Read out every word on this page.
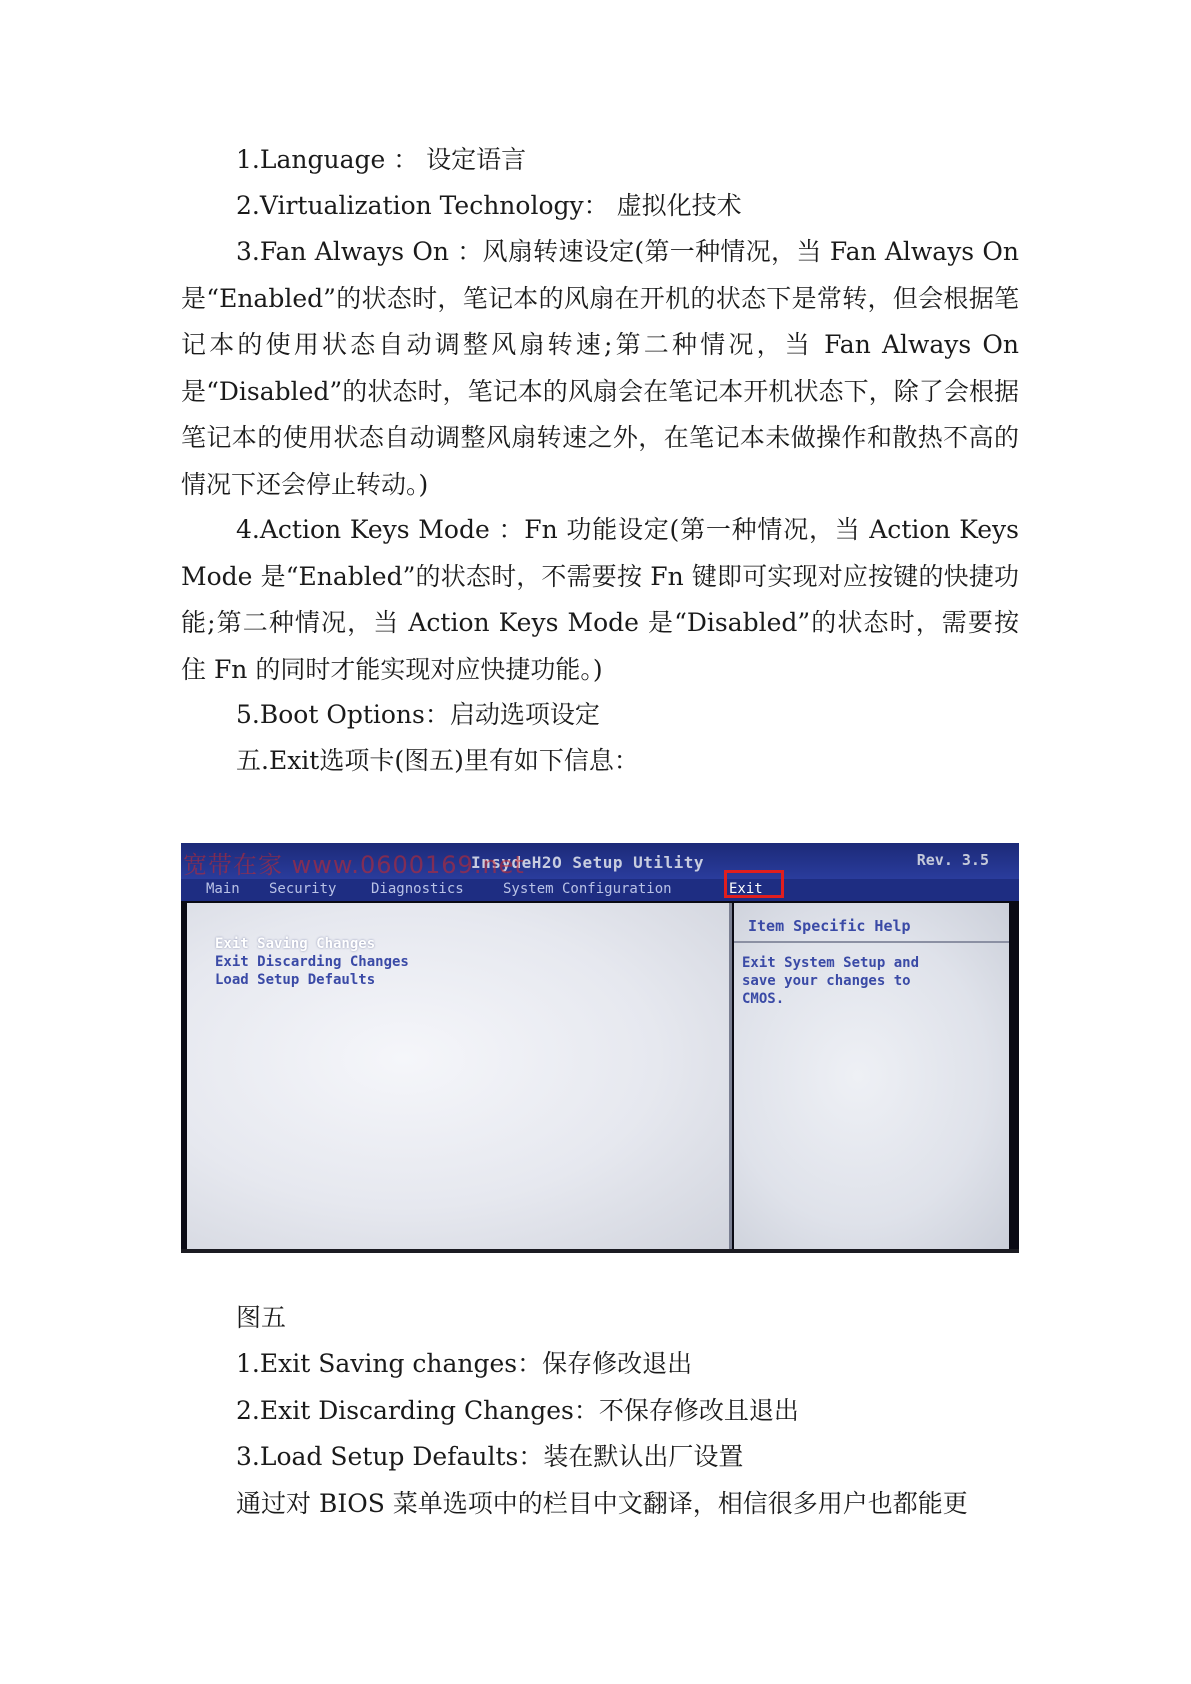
1.Language ： 设定语言

2.Virtualization Technology： 虚拟化技术

3.Fan Always On ：风扇转速设定(第一种情况，当 Fan Always On 是“Enabled”的状态时，笔记本的风扇在开机的状态下是常转，但会根据笔记本的使用状态自动调整风扇转速;第二种情况，当 Fan Always On 是“Disabled”的状态时，笔记本的风扇会在笔记本开机状态下，除了会根据笔记本的使用状态自动调整风扇转速之外，在笔记本未做操作和散热不高的情况下还会停止转动。)

4.Action Keys Mode ：Fn 功能设定(第一种情况，当 Action Keys Mode 是“Enabled”的状态时，不需要按 Fn 键即可实现对应按键的快捷功能;第二种情况，当 Action Keys Mode 是“Disabled”的状态时，需要按住 Fn 的同时才能实现对应快捷功能。)

5.Boot Options：启动选项设定

五.Exit选项卡(图五)里有如下信息：

InsydeH2O Setup Utility	Rev. 3.5
宽带在家 www.0600169.net
Main Security Diagnostics	System Configuration	Exit
Exit Saving Changes
Exit Discarding Changes
Load Setup Defaults
Item Specific Help
Exit System Setup and
save your changes to
CMOS.

图五

1.Exit Saving changes：保存修改退出

2.Exit Discarding Changes：不保存修改且退出

3.Load Setup Defaults：装在默认出厂设置

通过对 BIOS 菜单选项中的栏目中文翻译，相信很多用户也都能更
